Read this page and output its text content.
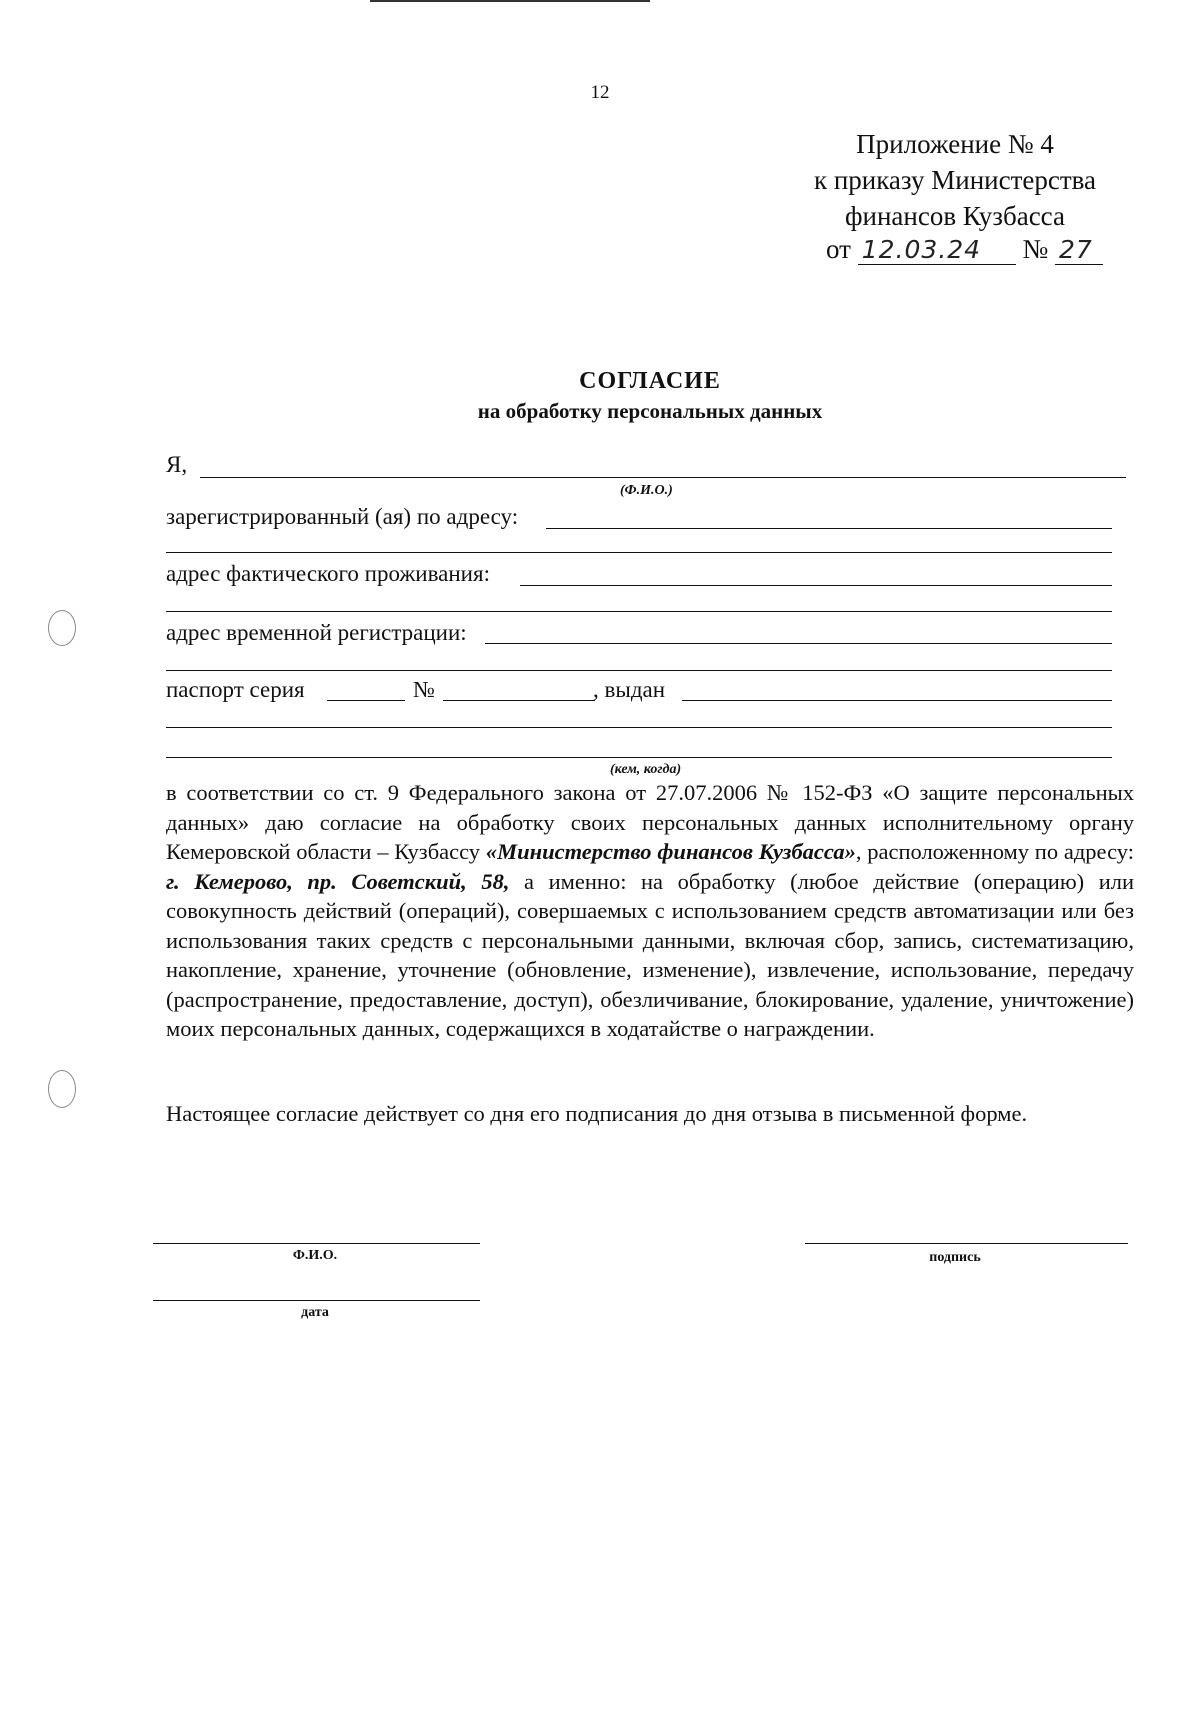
12
Приложение № 4
к приказу Министерства
финансов Кузбасса
от 12.03.24 № 27
СОГЛАСИЕ
на обработку персональных данных
Я,
(Ф.И.О.)
зарегистрированный (ая) по адресу:
адрес фактического проживания:
адрес временной регистрации:
паспорт серия	№	, выдан
(кем, когда)
в соответствии со ст. 9 Федерального закона от 27.07.2006 № 152-ФЗ «О защите персональных данных» даю согласие на обработку своих персональных данных исполнительному органу Кемеровской области – Кузбассу «Министерство финансов Кузбасса», расположенному по адресу: г. Кемерово, пр. Советский, 58, а именно: на обработку (любое действие (операцию) или совокупность действий (операций), совершаемых с использованием средств автоматизации или без использования таких средств с персональными данными, включая сбор, запись, систематизацию, накопление, хранение, уточнение (обновление, изменение), извлечение, использование, передачу (распространение, предоставление, доступ), обезличивание, блокирование, удаление, уничтожение) моих персональных данных, содержащихся в ходатайстве о награждении.
Настоящее согласие действует со дня его подписания до дня отзыва в письменной форме.
Ф.И.О.	подпись
дата
